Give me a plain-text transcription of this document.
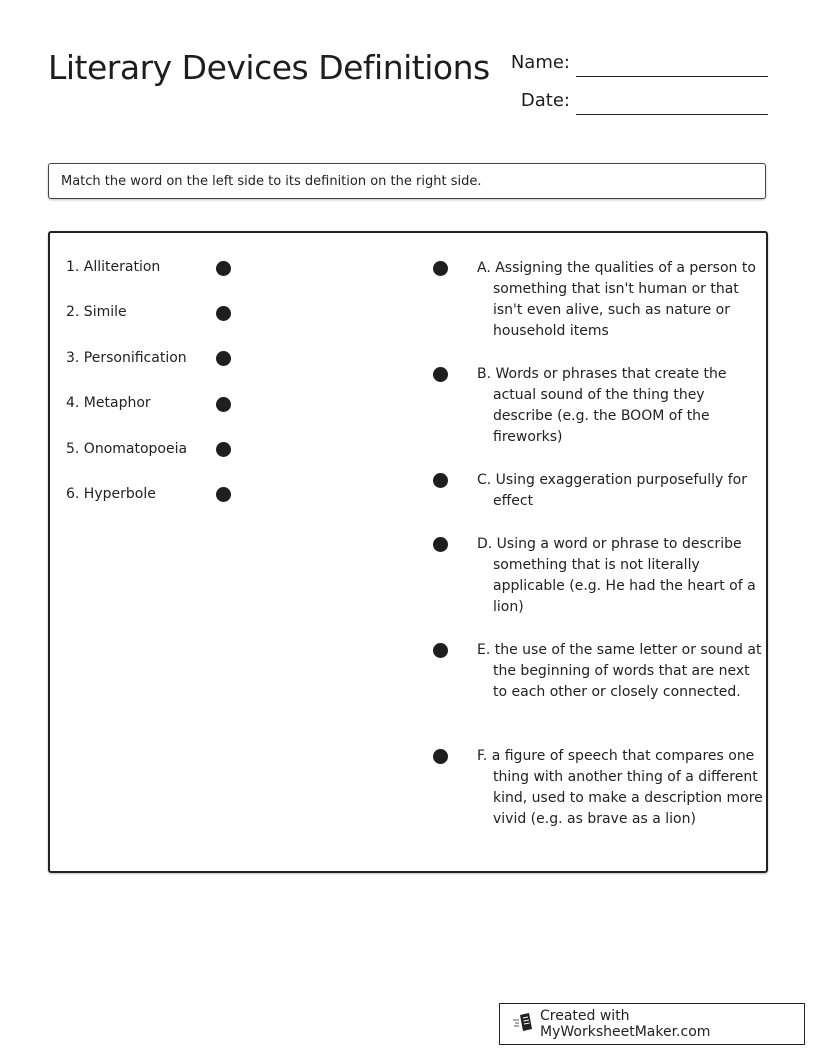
Literary Devices Definitions	Name:
Date:
Match the word on the left side to its definition on the right side.
1. Alliteration
2. Simile
3. Personification
4. Metaphor
5. Onomatopoeia
6. Hyperbole
A. Assigning the qualities of a person to something that isn't human or that isn't even alive, such as nature or household items
B. Words or phrases that create the actual sound of the thing they describe (e.g. the BOOM of the fireworks)
C. Using exaggeration purposefully for effect
D. Using a word or phrase to describe something that is not literally applicable (e.g. He had the heart of a lion)
E. the use of the same letter or sound at the beginning of words that are next to each other or closely connected.
F. a figure of speech that compares one thing with another thing of a different kind, used to make a description more vivid (e.g. as brave as a lion)
Created with MyWorksheetMaker.com
